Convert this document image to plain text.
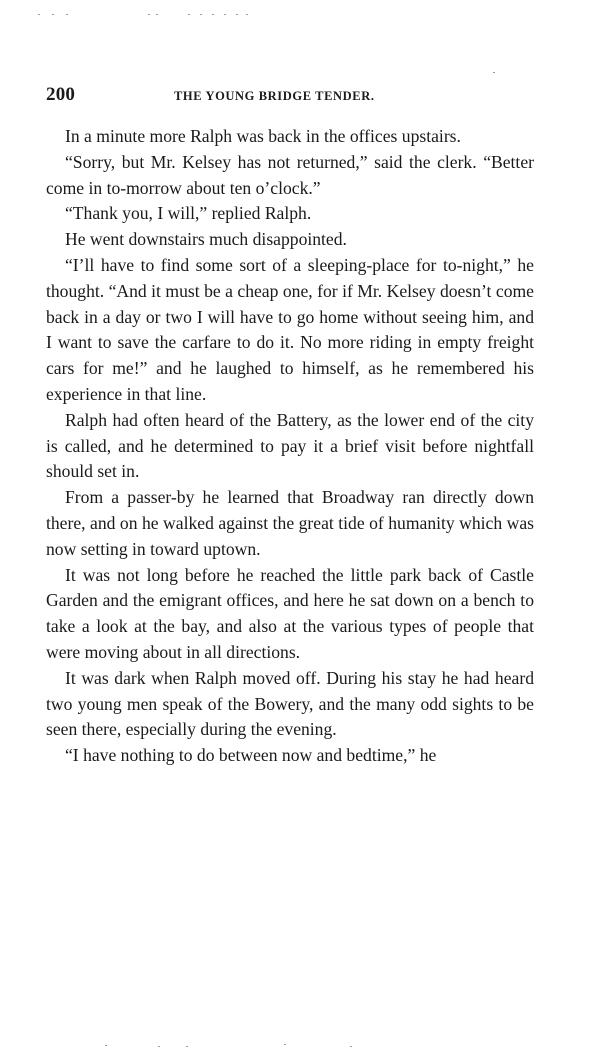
200	THE YOUNG BRIDGE TENDER.

In a minute more Ralph was back in the offices upstairs.

“Sorry, but Mr. Kelsey has not returned,” said the clerk. “Better come in to-morrow about ten o’clock.”

“Thank you, I will,” replied Ralph.

He went downstairs much disappointed.

“I’ll have to find some sort of a sleeping-place for to-night,” he thought. “And it must be a cheap one, for if Mr. Kelsey doesn’t come back in a day or two I will have to go home without seeing him, and I want to save the carfare to do it. No more riding in empty freight cars for me!” and he laughed to himself, as he remembered his experience in that line.

Ralph had often heard of the Battery, as the lower end of the city is called, and he determined to pay it a brief visit before nightfall should set in.

From a passer-by he learned that Broadway ran directly down there, and on he walked against the great tide of humanity which was now setting in toward uptown.

It was not long before he reached the little park back of Castle Garden and the emigrant offices, and here he sat down on a bench to take a look at the bay, and also at the various types of people that were moving about in all directions.

It was dark when Ralph moved off. During his stay he had heard two young men speak of the Bowery, and the many odd sights to be seen there, especially during the evening.

“I have nothing to do between now and bedtime,” he
